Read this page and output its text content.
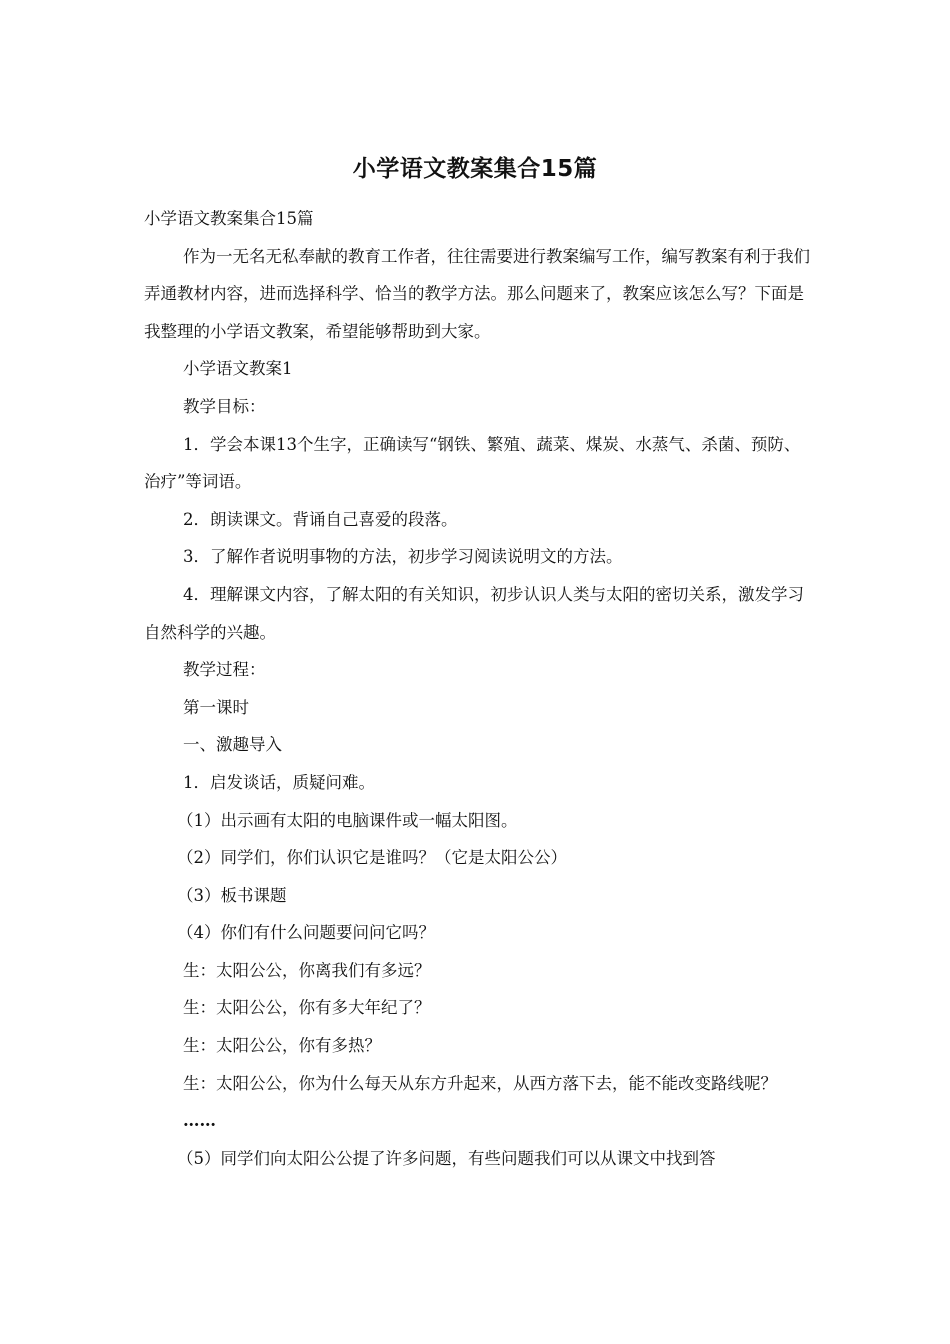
小学语文教案集合15篇

小学语文教案集合15篇

作为一无名无私奉献的教育工作者，往往需要进行教案编写工作，编写教案有利于我们弄通教材内容，进而选择科学、恰当的教学方法。那么问题来了，教案应该怎么写？下面是我整理的小学语文教案，希望能够帮助到大家。

小学语文教案1

教学目标：

1．学会本课13个生字，正确读写“钢铁、繁殖、蔬菜、煤炭、水蒸气、杀菌、预防、治疗”等词语。

2．朗读课文。背诵自己喜爱的段落。

3．了解作者说明事物的方法，初步学习阅读说明文的方法。

4．理解课文内容，了解太阳的有关知识，初步认识人类与太阳的密切关系，激发学习自然科学的兴趣。

教学过程：

第一课时

一、激趣导入

1．启发谈话，质疑问难。

（1）出示画有太阳的电脑课件或一幅太阳图。

（2）同学们，你们认识它是谁吗？（它是太阳公公）

（3）板书课题

（4）你们有什么问题要问问它吗？

生：太阳公公，你离我们有多远？

生：太阳公公，你有多大年纪了？

生：太阳公公，你有多热？

生：太阳公公，你为什么每天从东方升起来，从西方落下去，能不能改变路线呢？

……

（5）同学们向太阳公公提了许多问题，有些问题我们可以从课文中找到答
